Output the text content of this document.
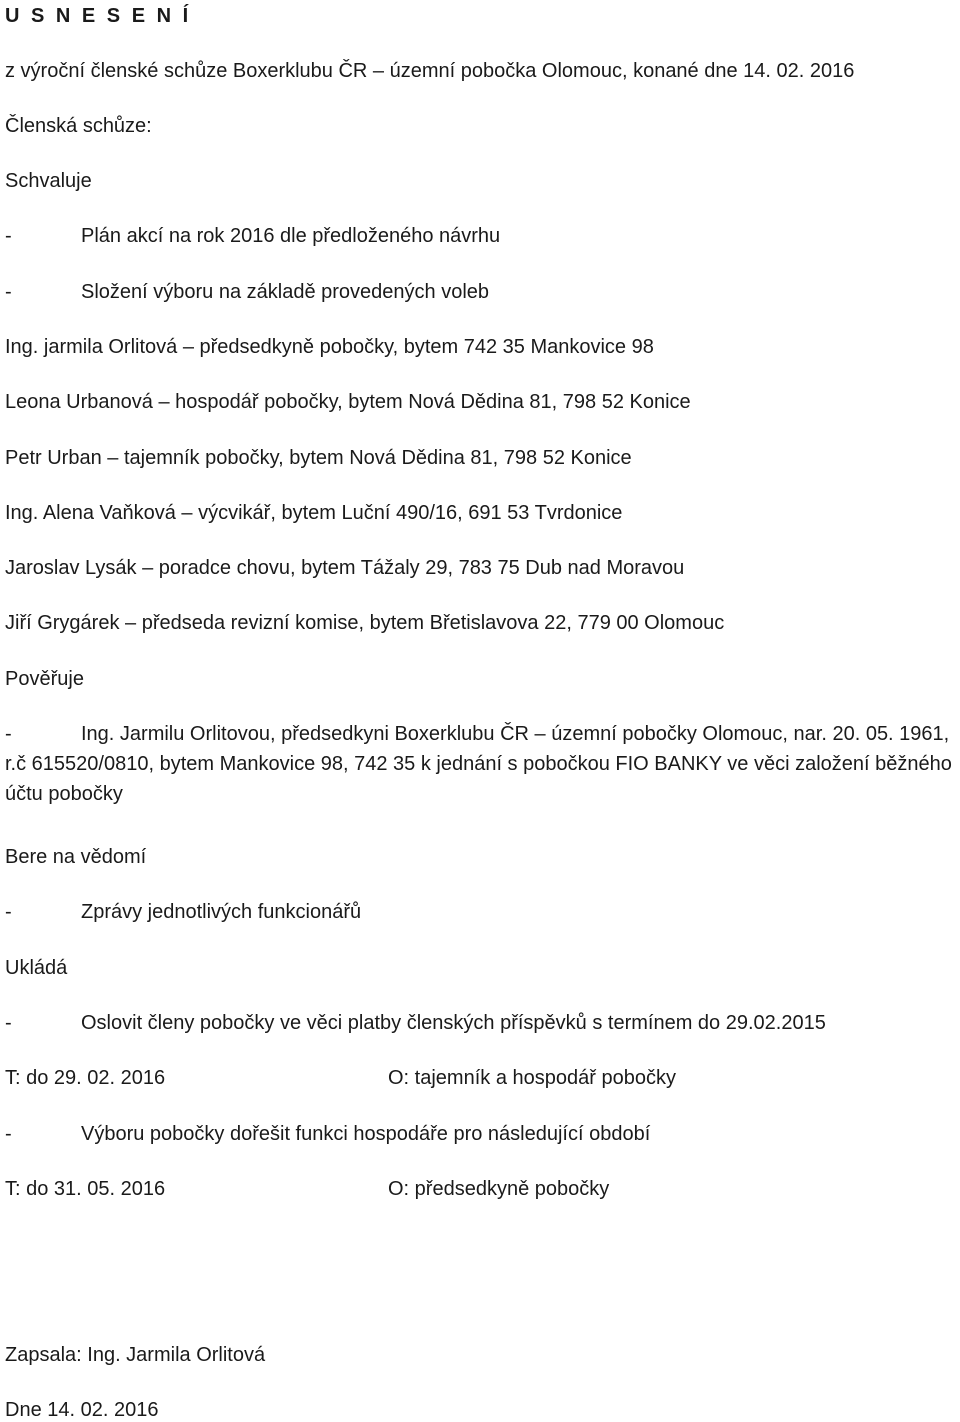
U S N E S E N Í
z výroční členské schůze Boxerklubu ČR – územní pobočka Olomouc, konané dne 14. 02. 2016
Členská schůze:
Schvaluje
-	Plán akcí na rok 2016 dle předloženého návrhu
-	Složení výboru na základě provedených voleb
Ing. jarmila Orlitová – předsedkyně pobočky, bytem 742 35 Mankovice 98
Leona Urbanová – hospodář pobočky, bytem Nová Dědina 81, 798 52 Konice
Petr Urban – tajemník pobočky, bytem Nová Dědina 81, 798 52 Konice
Ing. Alena Vaňková – výcvikář, bytem Luční 490/16, 691 53 Tvrdonice
Jaroslav Lysák – poradce chovu, bytem Tážaly 29, 783 75 Dub nad Moravou
Jiří Grygárek – předseda revizní komise, bytem Břetislavova 22, 779 00 Olomouc
Pověřuje
-	Ing. Jarmilu Orlitovou, předsedkyni Boxerklubu ČR – územní pobočky Olomouc, nar. 20. 05. 1961, r.č 615520/0810, bytem Mankovice 98, 742 35 k jednání s pobočkou FIO BANKY ve věci založení běžného účtu pobočky
Bere na vědomí
-	Zprávy jednotlivých funkcionářů
Ukládá
-	Oslovit členy pobočky ve věci platby členských příspěvků s termínem do 29.02.2015
T: do 29. 02. 2016	O: tajemník a hospodář pobočky
-	Výboru pobočky dořešit funkci hospodáře pro následující období
T: do 31. 05. 2016	O: předsedkyně pobočky
Zapsala: Ing. Jarmila Orlitová
Dne 14. 02. 2016
